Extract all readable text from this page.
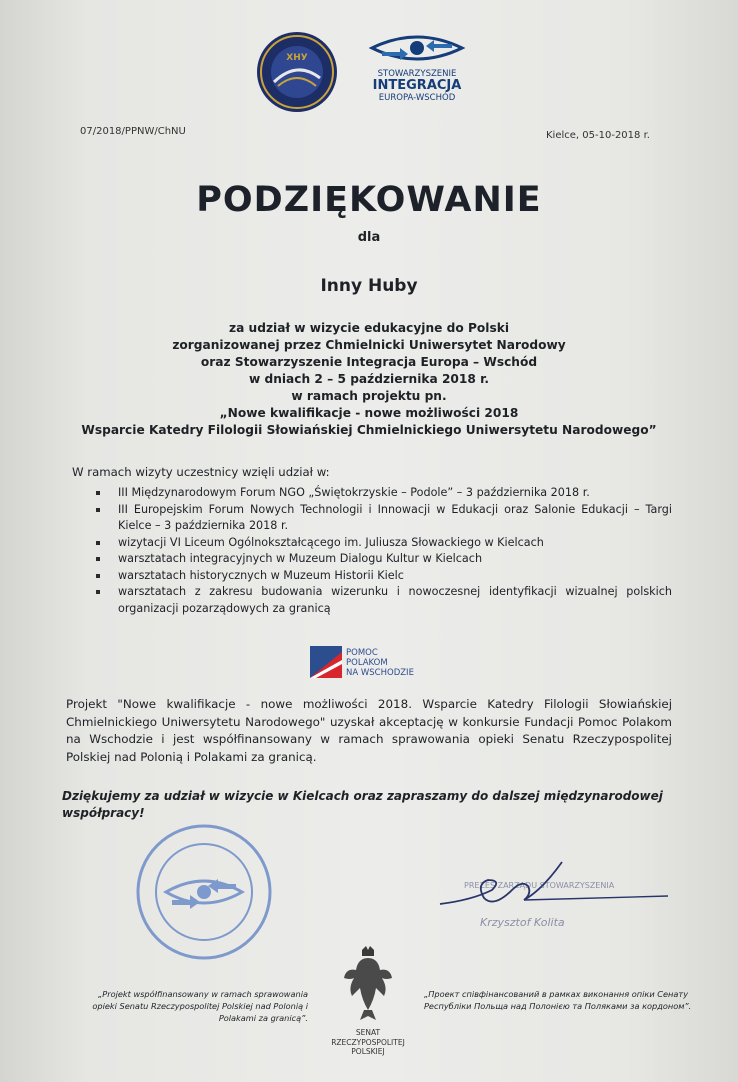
ХНУ
STOWARZYSZENIE
INTEGRACJA
EUROPA-WSCHÓD
07/2018/PPNW/ChNU	Kielce, 05-10-2018 r.
PODZIĘKOWANIE
dla
Inny Huby
za udział w wizycie edukacyjne do Polski
zorganizowanej przez Chmielnicki Uniwersytet Narodowy
oraz Stowarzyszenie Integracja Europa – Wschód
w dniach 2 – 5 października 2018 r.
w ramach projektu pn.
„Nowe kwalifikacje - nowe możliwości 2018
Wsparcie Katedry Filologii Słowiańskiej Chmielnickiego Uniwersytetu Narodowego”
W ramach wizyty uczestnicy wzięli udział w:
III Międzynarodowym Forum NGO „Świętokrzyskie – Podole” – 3 października 2018 r.
III Europejskim Forum Nowych Technologii i Innowacji w Edukacji oraz Salonie Edukacji – Targi Kielce – 3 października 2018 r.
wizytacji VI Liceum Ogólnokształcącego im. Juliusza Słowackiego w Kielcach
warsztatach integracyjnych w Muzeum Dialogu Kultur w Kielcach
warsztatach historycznych w Muzeum Historii Kielc
warsztatach z zakresu budowania wizerunku i nowoczesnej identyfikacji wizualnej polskich organizacji pozarządowych za granicą
POMOC
POLAKOM
NA WSCHODZIE
Projekt "Nowe kwalifikacje - nowe możliwości 2018. Wsparcie Katedry Filologii Słowiańskiej Chmielnickiego Uniwersytetu Narodowego" uzyskał akceptację w konkursie Fundacji Pomoc Polakom na Wschodzie i jest współfinansowany w ramach sprawowania opieki Senatu Rzeczypospolitej Polskiej nad Polonią i Polakami za granicą.
Dziękujemy za udział w wizycie w Kielcach oraz zapraszamy do dalszej międzynarodowej współpracy!
PREZES ZARZĄDU STOWARZYSZENIA
Krzysztof Kolita
„Projekt współfinansowany w ramach sprawowania opieki Senatu Rzeczypospolitej Polskiej nad Polonią i Polakami za granicą”.
SENAT
RZECZYPOSPOLITEJ
POLSKIEJ
„Проект співфінансований в рамках виконання опіки Сенату Республіки Польща над Полонією та Поляками за кордоном”.
